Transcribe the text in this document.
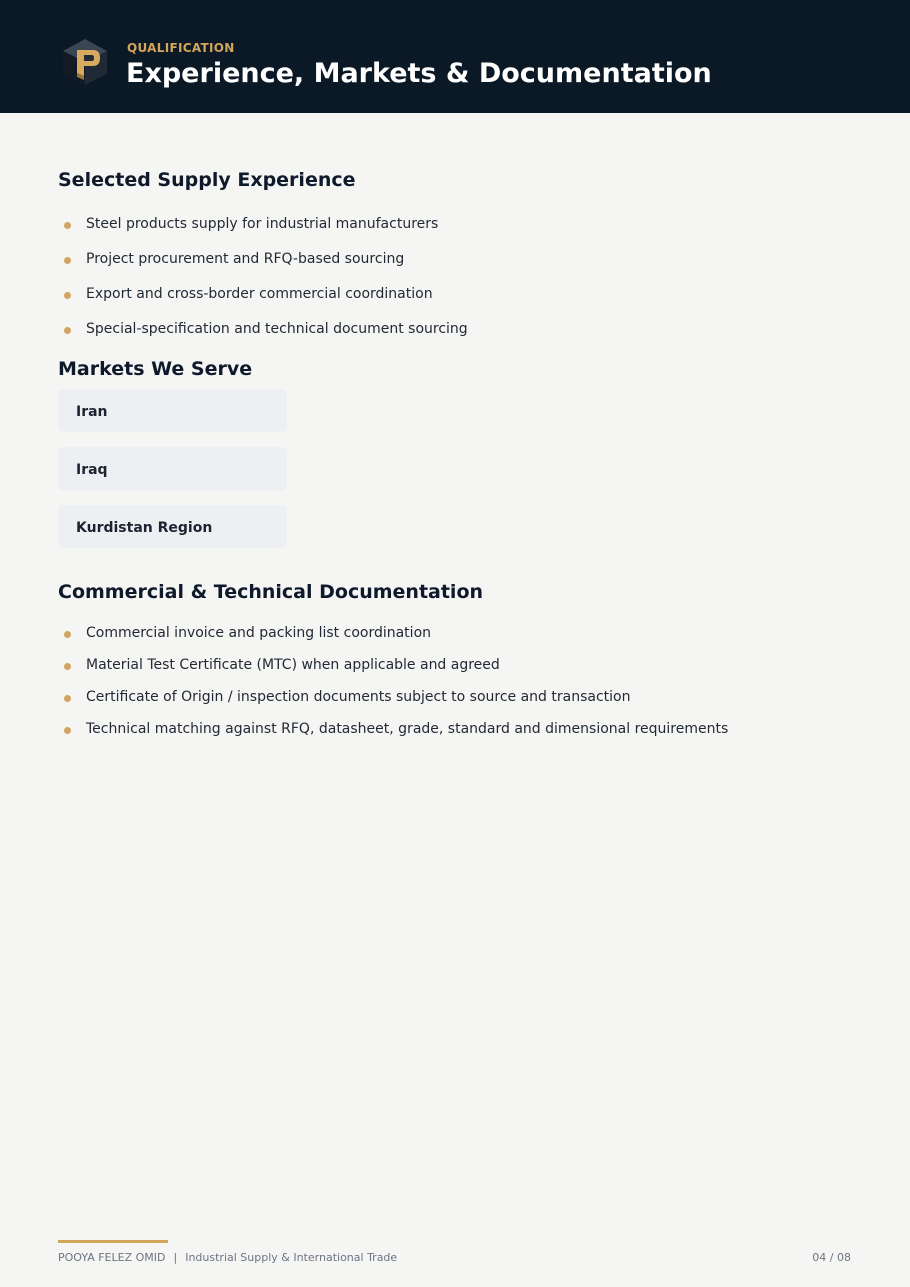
QUALIFICATION
Experience, Markets & Documentation
Selected Supply Experience
Steel products supply for industrial manufacturers
Project procurement and RFQ-based sourcing
Export and cross-border commercial coordination
Special-specification and technical document sourcing
Markets We Serve
Iran
Iraq
Kurdistan Region
Commercial & Technical Documentation
Commercial invoice and packing list coordination
Material Test Certificate (MTC) when applicable and agreed
Certificate of Origin / inspection documents subject to source and transaction
Technical matching against RFQ, datasheet, grade, standard and dimensional requirements
POOYA FELEZ OMID | Industrial Supply & International Trade	04 / 08
